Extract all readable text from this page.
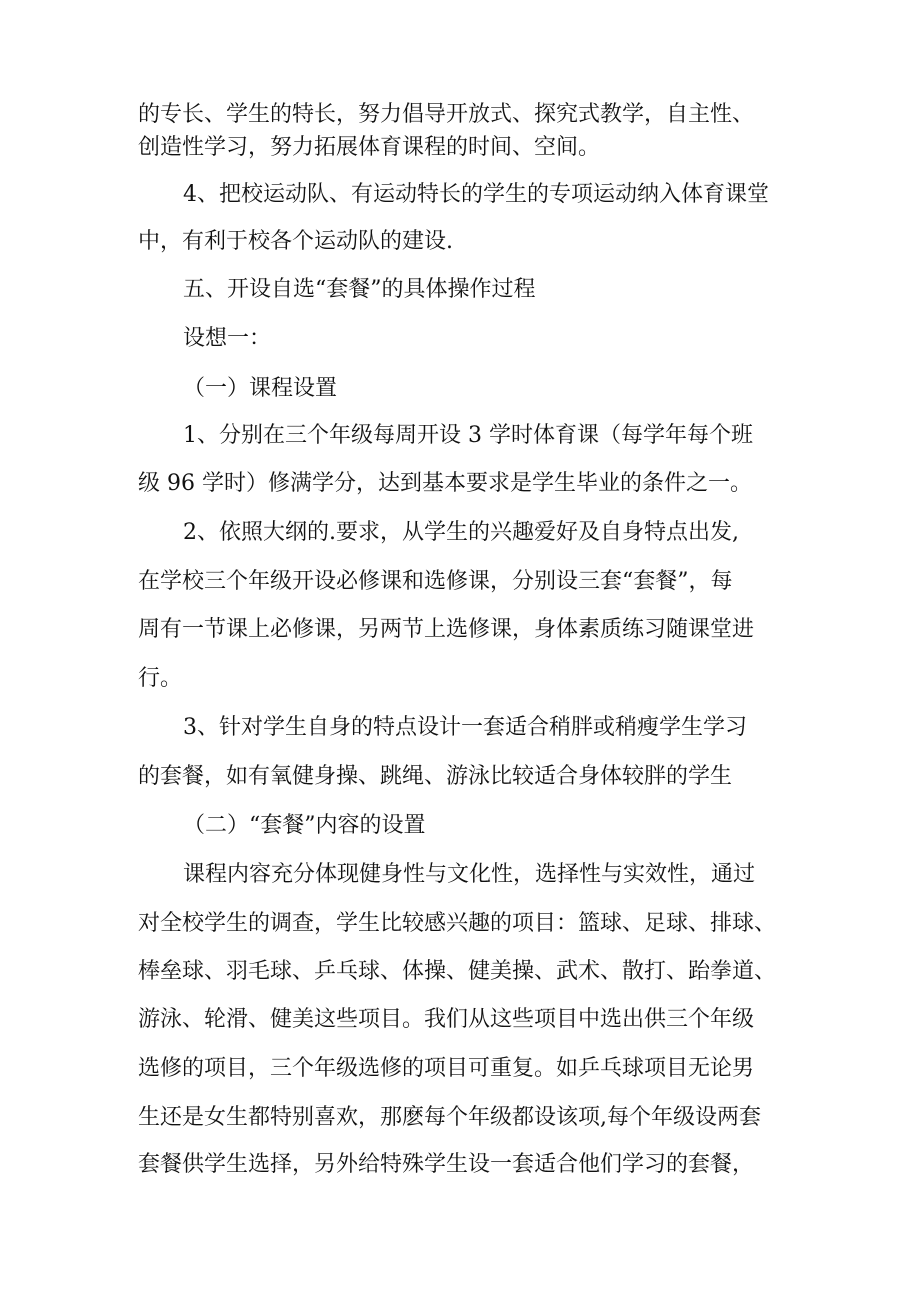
的专长、学生的特长，努力倡导开放式、探究式教学，自主性、
创造性学习，努力拓展体育课程的时间、空间。
4、把校运动队、有运动特长的学生的专项运动纳入体育课堂
中，有利于校各个运动队的建设.
五、开设自选“套餐”的具体操作过程
设想一：
（一）课程设置
1、分别在三个年级每周开设 3 学时体育课（每学年每个班
级 96 学时）修满学分，达到基本要求是学生毕业的条件之一。
2、依照大纲的.要求，从学生的兴趣爱好及自身特点出发,
在学校三个年级开设必修课和选修课，分别设三套“套餐”，每
周有一节课上必修课，另两节上选修课，身体素质练习随课堂进
行。
3、针对学生自身的特点设计一套适合稍胖或稍瘦学生学习
的套餐，如有氧健身操、跳绳、游泳比较适合身体较胖的学生
（二）“套餐”内容的设置
课程内容充分体现健身性与文化性，选择性与实效性，通过
对全校学生的调查，学生比较感兴趣的项目：篮球、足球、排球、
棒垒球、羽毛球、乒乓球、体操、健美操、武术、散打、跆拳道、
游泳、轮滑、健美这些项目。我们从这些项目中选出供三个年级
选修的项目，三个年级选修的项目可重复。如乒乓球项目无论男
生还是女生都特别喜欢，那麽每个年级都设该项,每个年级设两套
套餐供学生选择，另外给特殊学生设一套适合他们学习的套餐，
